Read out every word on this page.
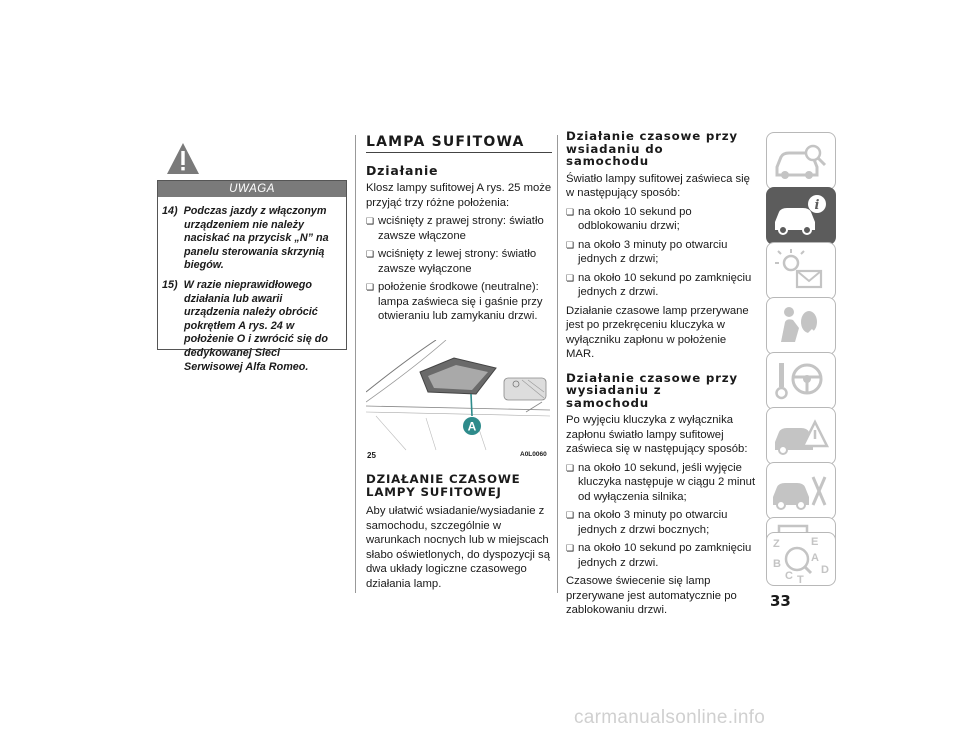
UWAGA
14) Podczas jazdy z włączonym urządzeniem nie należy naciskać na przycisk „N” na panelu sterowania skrzynią biegów.
15) W razie nieprawidłowego działania lub awarii urządzenia należy obrócić pokrętłem A rys. 24 w położenie O i zwrócić się do dedykowanej Sieci Serwisowej Alfa Romeo.
LAMPA SUFITOWA
Działanie

Klosz lampy sufitowej A rys. 25 może przyjąć trzy różne położenia:

❏ wciśnięty z prawej strony: światło zawsze włączone
❏ wciśnięty z lewej strony: światło zawsze wyłączone
❏ położenie środkowe (neutralne): lampa zaświeca się i gaśnie przy otwieraniu lub zamykaniu drzwi.
A
25	A0L0060
DZIAŁANIE CZASOWE
LAMPY SUFITOWEJ

Aby ułatwić wsiadanie/wysiadanie z samochodu, szczególnie w warunkach nocnych lub w miejscach słabo oświetlonych, do dyspozycji są dwa układy logiczne czasowego działania lamp.

Działanie czasowe przy
wsiadaniu do
samochodu

Światło lampy sufitowej zaświeca się w następujący sposób:

❏ na około 10 sekund po odblokowaniu drzwi;
❏ na około 3 minuty po otwarciu jednych z drzwi;
❏ na około 10 sekund po zamknięciu jednych z drzwi.

Działanie czasowe lamp przerywane jest po przekręceniu kluczyka w wyłączniku zapłonu w położenie MAR.

Działanie czasowe przy
wysiadaniu z
samochodu

Po wyjęciu kluczyka z wyłącznika zapłonu światło lampy sufitowej zaświeca się w następujący sposób:

❏ na około 10 sekund, jeśli wyjęcie kluczyka następuje w ciągu 2 minut od wyłączenia silnika;
❏ na około 3 minuty po otwarciu jednych z drzwi bocznych;
❏ na około 10 sekund po zamknięciu jednych z drzwi.

Czasowe świecenie się lamp przerywane jest automatycznie po zablokowaniu drzwi.

i
Z	E
A
B
C	D
T
33
carmanualsonline.info
